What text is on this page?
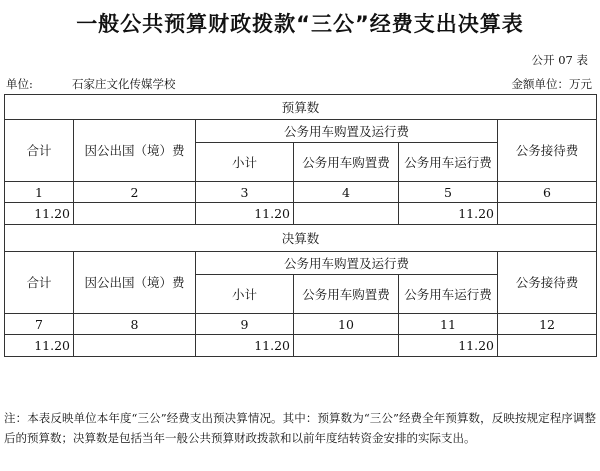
一般公共预算财政拨款“三公”经费支出决算表
公开 07 表
单位:	石家庄文化传媒学校	金额单位：万元
预算数					
合计	因公出国（境）费	公务用车购置及运行费			公务接待费
		小计	公务用车购置费	公务用车运行费	
1	2	3	4	5	6
11.20		11.20		11.20	
决算数					
合计	因公出国（境）费	公务用车购置及运行费			公务接待费
		小计	公务用车购置费	公务用车运行费	
7	8	9	10	11	12
11.20		11.20		11.20	
注：本表反映单位本年度“三公”经费支出预决算情况。其中：预算数为“三公”经费全年预算数，反映按规定程序调整后的预算数；决算数是包括当年一般公共预算财政拨款和以前年度结转资金安排的实际支出。
